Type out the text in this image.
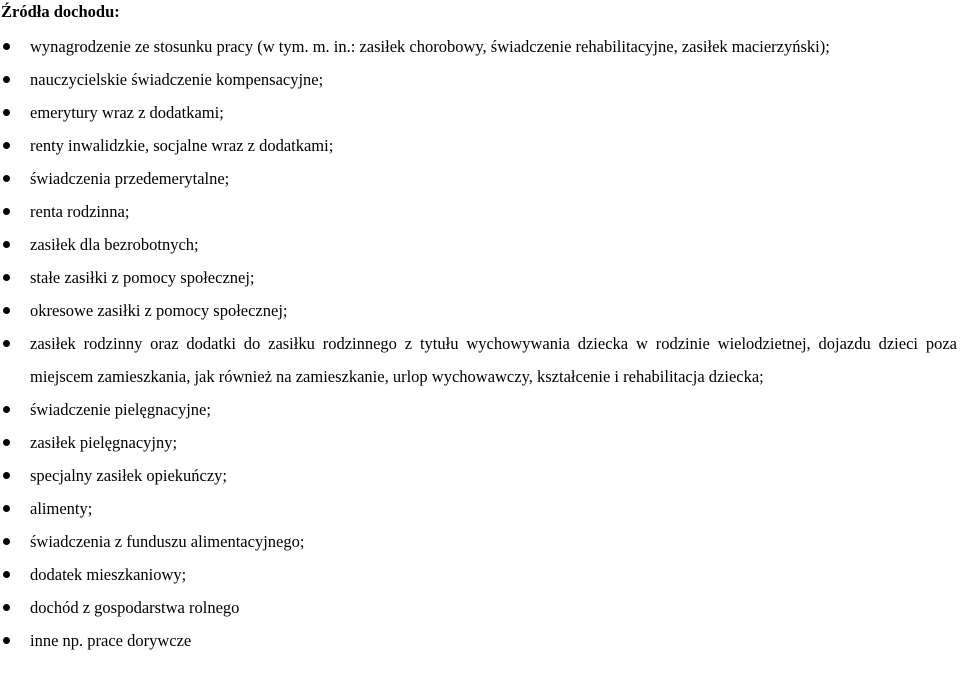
Źródła dochodu:
wynagrodzenie ze stosunku pracy (w tym. m. in.: zasiłek chorobowy, świadczenie rehabilitacyjne, zasiłek macierzyński);
nauczycielskie świadczenie kompensacyjne;
emerytury wraz z dodatkami;
renty inwalidzkie, socjalne wraz z dodatkami;
świadczenia przedemerytalne;
renta rodzinna;
zasiłek dla bezrobotnych;
stałe zasiłki z pomocy społecznej;
okresowe zasiłki z pomocy społecznej;
zasiłek rodzinny oraz dodatki do zasiłku rodzinnego z tytułu wychowywania dziecka w rodzinie wielodzietnej, dojazdu dzieci poza miejscem zamieszkania, jak również na zamieszkanie, urlop wychowawczy, kształcenie i rehabilitacja dziecka;
świadczenie pielęgnacyjne;
zasiłek pielęgnacyjny;
specjalny zasiłek opiekuńczy;
alimenty;
świadczenia z funduszu alimentacyjnego;
dodatek mieszkaniowy;
dochód z gospodarstwa rolnego
inne np. prace dorywcze
